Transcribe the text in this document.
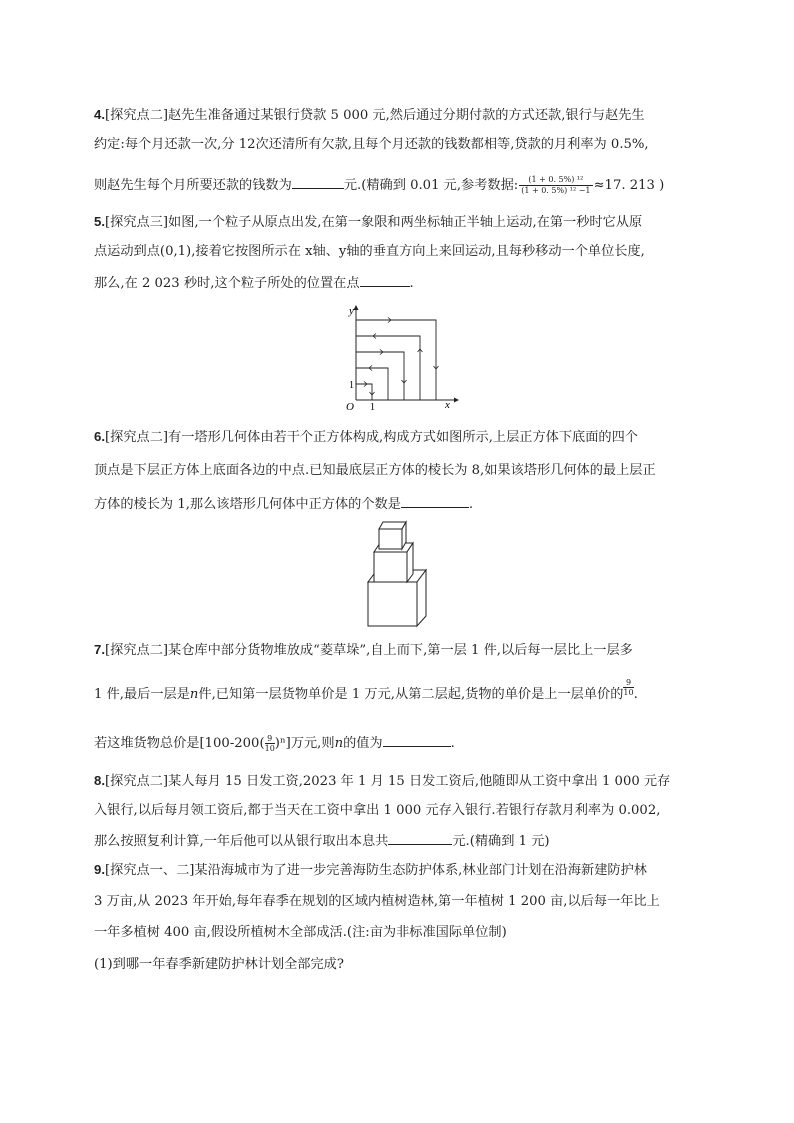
4.[探究点二]赵先生准备通过某银行贷款 5 000 元,然后通过分期付款的方式还款,银行与赵先生
约定:每个月还款一次,分 12次还清所有欠款,且每个月还款的钱数都相等,贷款的月利率为 0.5%,
则赵先生每个月所要还款的钱数为	元.(精确到 0.01 元,参考数据: $\frac{\text{(1 + 0. 5\%) ¹²}}{\text{(1 + 0. 5\%) ¹² −1}} \approx 17$. 213 )
5.[探究点三]如图,一个粒子从原点出发,在第一象限和两坐标轴正半轴上运动,在第一秒时它从原
点运动到点(0,1),接着它按图所示在 x轴、y轴的垂直方向上来回运动,且每秒移动一个单位长度,
那么,在 2 023 秒时,这个粒子所处的位置在点	.
y
x
O 1
1
6.[探究点二]有一塔形几何体由若干个正方体构成,构成方式如图所示,上层正方体下底面的四个
顶点是下层正方体上底面各边的中点.已知最底层正方体的棱长为 8,如果该塔形几何体的最上层正
方体的棱长为 1,那么该塔形几何体中正方体的个数是	.
7.[探究点二]某仓库中部分货物堆放成“菱草垛”,自上而下,第一层 1 件,以后每一层比上一层多
1 件,最后一层是n件,已知第一层货物单价是 1 万元,从第二层起,货物的单价是上一层单价的 $\frac{9}{10}$ .
若这堆货物总价是$[100-200( \frac{9}{10} )^n]$万元,则n的值为	.
8.[探究点二]某人每月 15 日发工资,2023 年 1 月 15 日发工资后,他随即从工资中拿出 1 000 元存
入银行,以后每月领工资后,都于当天在工资中拿出 1 000 元存入银行.若银行存款月利率为 0.002,
那么按照复利计算,一年后他可以从银行取出本息共	元.(精确到 1 元)
9.[探究点一、二]某沿海城市为了进一步完善海防生态防护体系,林业部门计划在沿海新建防护林
3 万亩,从 2023 年开始,每年春季在规划的区域内植树造林,第一年植树 1 200 亩,以后每一年比上
一年多植树 400 亩,假设所植树木全部成活.(注:亩为非标准国际单位制)
(1)到哪一年春季新建防护林计划全部完成?
